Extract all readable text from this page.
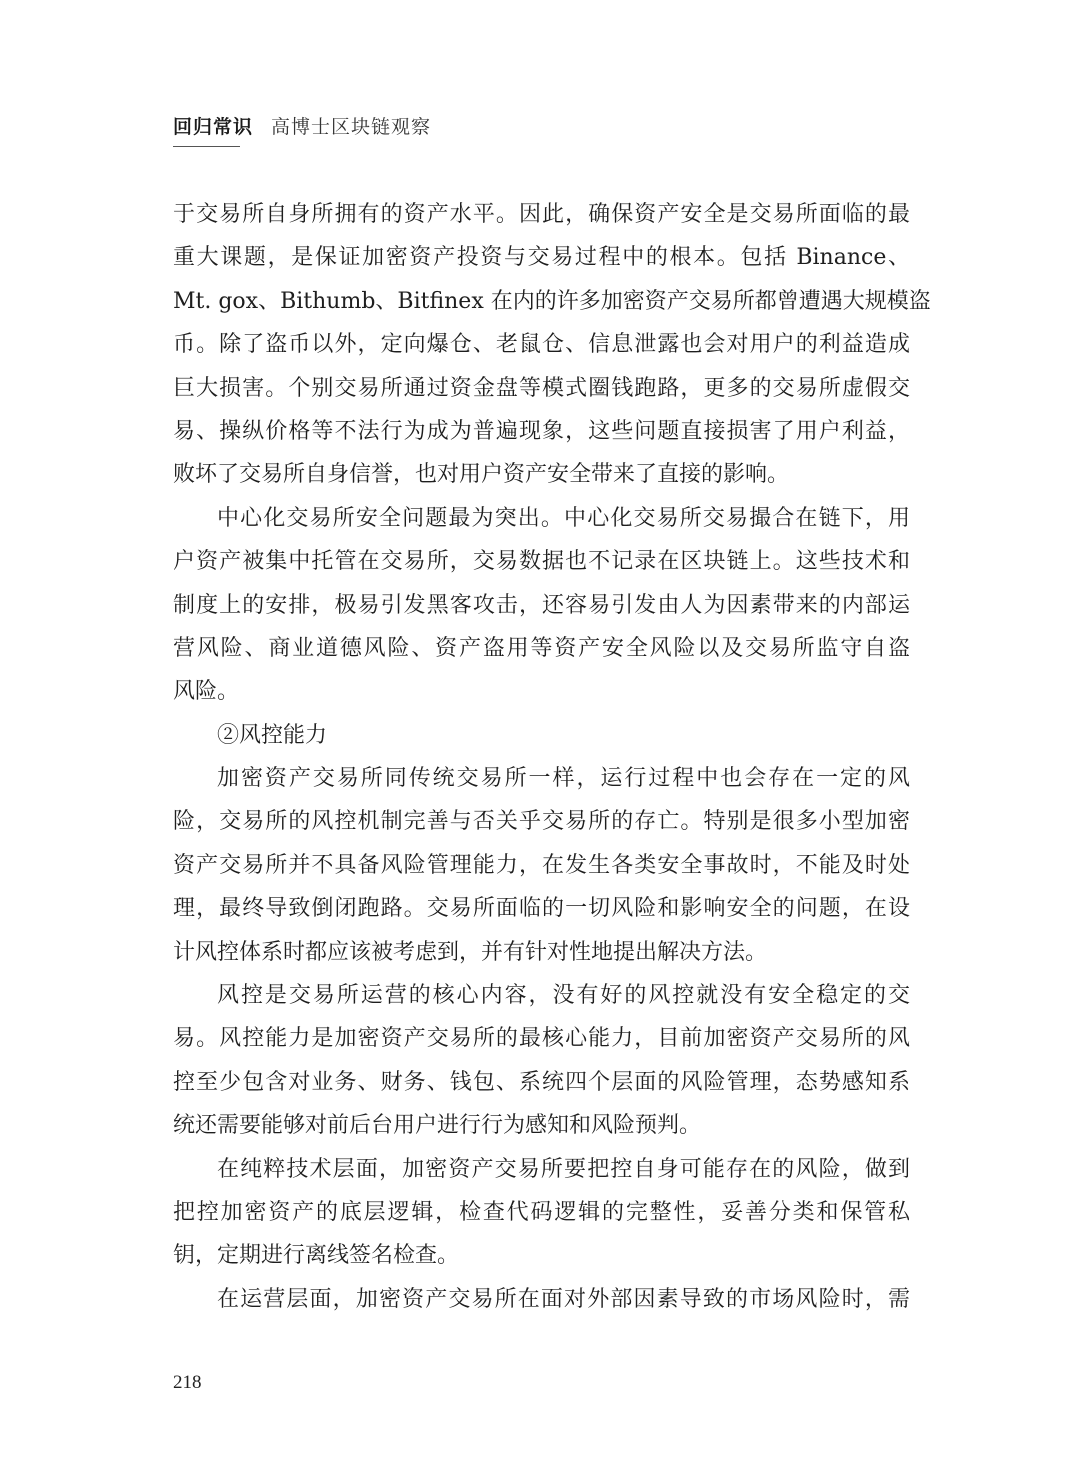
回归常识 高博士区块链观察
于交易所自身所拥有的资产水平。因此，确保资产安全是交易所面临的最
重大课题，是保证加密资产投资与交易过程中的根本。包括 Binance、
Mt. gox、Bithumb、Bitfinex 在内的许多加密资产交易所都曾遭遇大规模盗
币。除了盗币以外，定向爆仓、老鼠仓、信息泄露也会对用户的利益造成
巨大损害。个别交易所通过资金盘等模式圈钱跑路，更多的交易所虚假交
易、操纵价格等不法行为成为普遍现象，这些问题直接损害了用户利益，
败坏了交易所自身信誉，也对用户资产安全带来了直接的影响。
中心化交易所安全问题最为突出。中心化交易所交易撮合在链下，用
户资产被集中托管在交易所，交易数据也不记录在区块链上。这些技术和
制度上的安排，极易引发黑客攻击，还容易引发由人为因素带来的内部运
营风险、商业道德风险、资产盗用等资产安全风险以及交易所监守自盗
风险。
②风控能力
加密资产交易所同传统交易所一样，运行过程中也会存在一定的风
险，交易所的风控机制完善与否关乎交易所的存亡。特别是很多小型加密
资产交易所并不具备风险管理能力，在发生各类安全事故时，不能及时处
理，最终导致倒闭跑路。交易所面临的一切风险和影响安全的问题，在设
计风控体系时都应该被考虑到，并有针对性地提出解决方法。
风控是交易所运营的核心内容，没有好的风控就没有安全稳定的交
易。风控能力是加密资产交易所的最核心能力，目前加密资产交易所的风
控至少包含对业务、财务、钱包、系统四个层面的风险管理，态势感知系
统还需要能够对前后台用户进行行为感知和风险预判。
在纯粹技术层面，加密资产交易所要把控自身可能存在的风险，做到
把控加密资产的底层逻辑，检查代码逻辑的完整性，妥善分类和保管私
钥，定期进行离线签名检查。
在运营层面，加密资产交易所在面对外部因素导致的市场风险时，需
218
